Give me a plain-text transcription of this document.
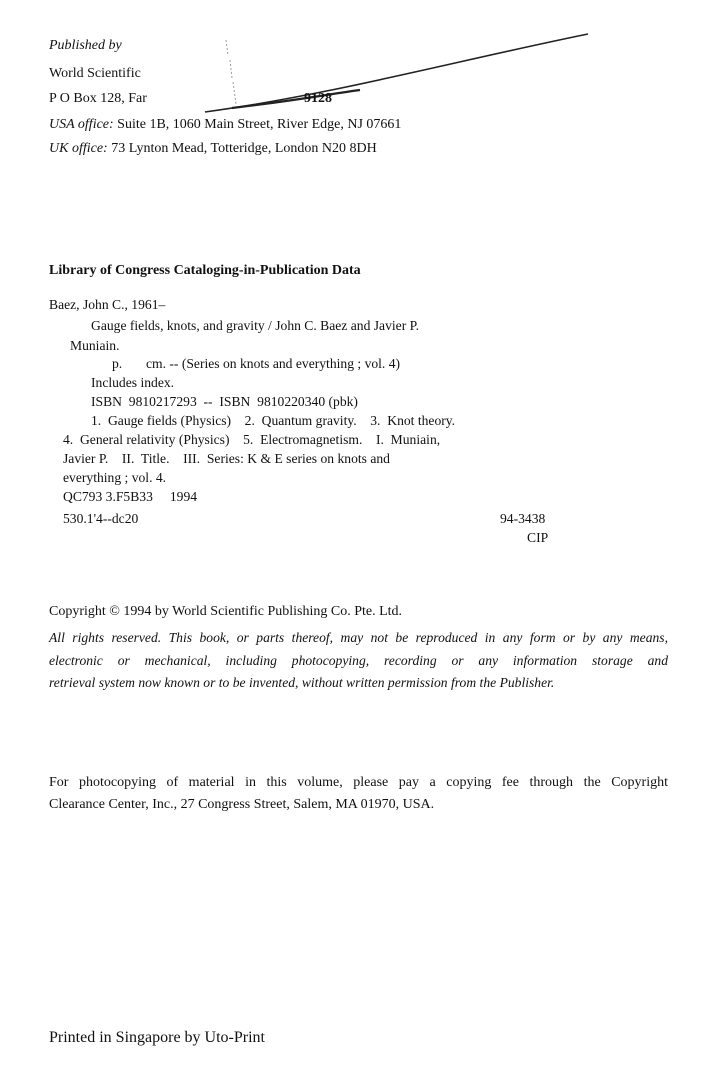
Published by
World Scientific
P O Box 128, Far	9128
USA office: Suite 1B, 1060 Main Street, River Edge, NJ 07661
UK office: 73 Lynton Mead, Totteridge, London N20 8DH
Library of Congress Cataloging-in-Publication Data
Baez, John C., 1961–
Gauge fields, knots, and gravity / John C. Baez and Javier P.
Muniain.
p.       cm. -- (Series on knots and everything ; vol. 4)
Includes index.
ISBN  9810217293  --  ISBN  9810220340 (pbk)
1.  Gauge fields (Physics)    2.  Quantum gravity.    3.  Knot theory.
4.  General relativity (Physics)    5.  Electromagnetism.    I.  Muniain,
Javier P.    II.  Title.    III.  Series: K & E series on knots and
everything ; vol. 4.
QC793 3.F5B33     1994
530.1'4--dc20	94-3438
CIP
Copyright © 1994 by World Scientific Publishing Co. Pte. Ltd.
All rights reserved. This book, or parts thereof, may not be reproduced in any form or by any means,
electronic or mechanical, including photocopying, recording or any information storage and
retrieval system now known or to be invented, without written permission from the Publisher.
For photocopying of material in this volume, please pay a copying fee through the Copyright
Clearance Center, Inc., 27 Congress Street, Salem, MA 01970, USA.
Printed in Singapore by Uto-Print
